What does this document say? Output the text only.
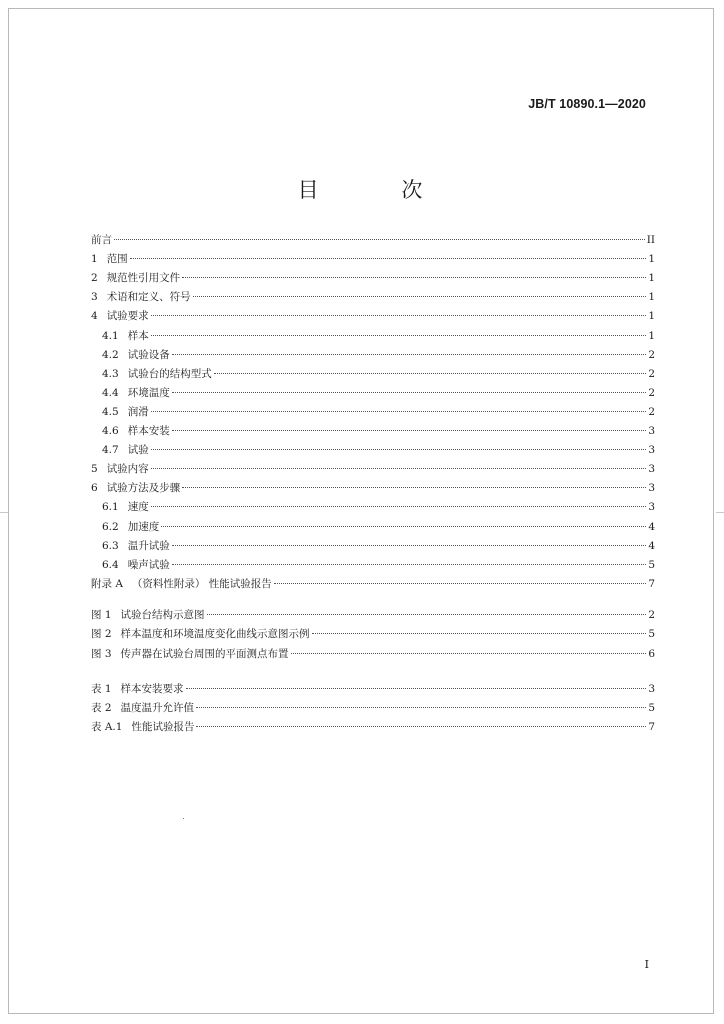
JB/T 10890.1—2020
目 次
前言	II
1 范围	1
2 规范性引用文件	1
3 术语和定义、符号	1
4 试验要求	1
4.1 样本	1
4.2 试验设备	2
4.3 试验台的结构型式	2
4.4 环境温度	2
4.5 润滑	2
4.6 样本安装	3
4.7 试验	3
5 试验内容	3
6 试验方法及步骤	3
6.1 速度	3
6.2 加速度	4
6.3 温升试验	4
6.4 噪声试验	5
附录 A （资料性附录） 性能试验报告	7
图 1 试验台结构示意图	2
图 2 样本温度和环境温度变化曲线示意图示例	5
图 3 传声器在试验台周围的平面测点布置	6
表 1 样本安装要求	3
表 2 温度温升允许值	5
表 A.1 性能试验报告	7
I
